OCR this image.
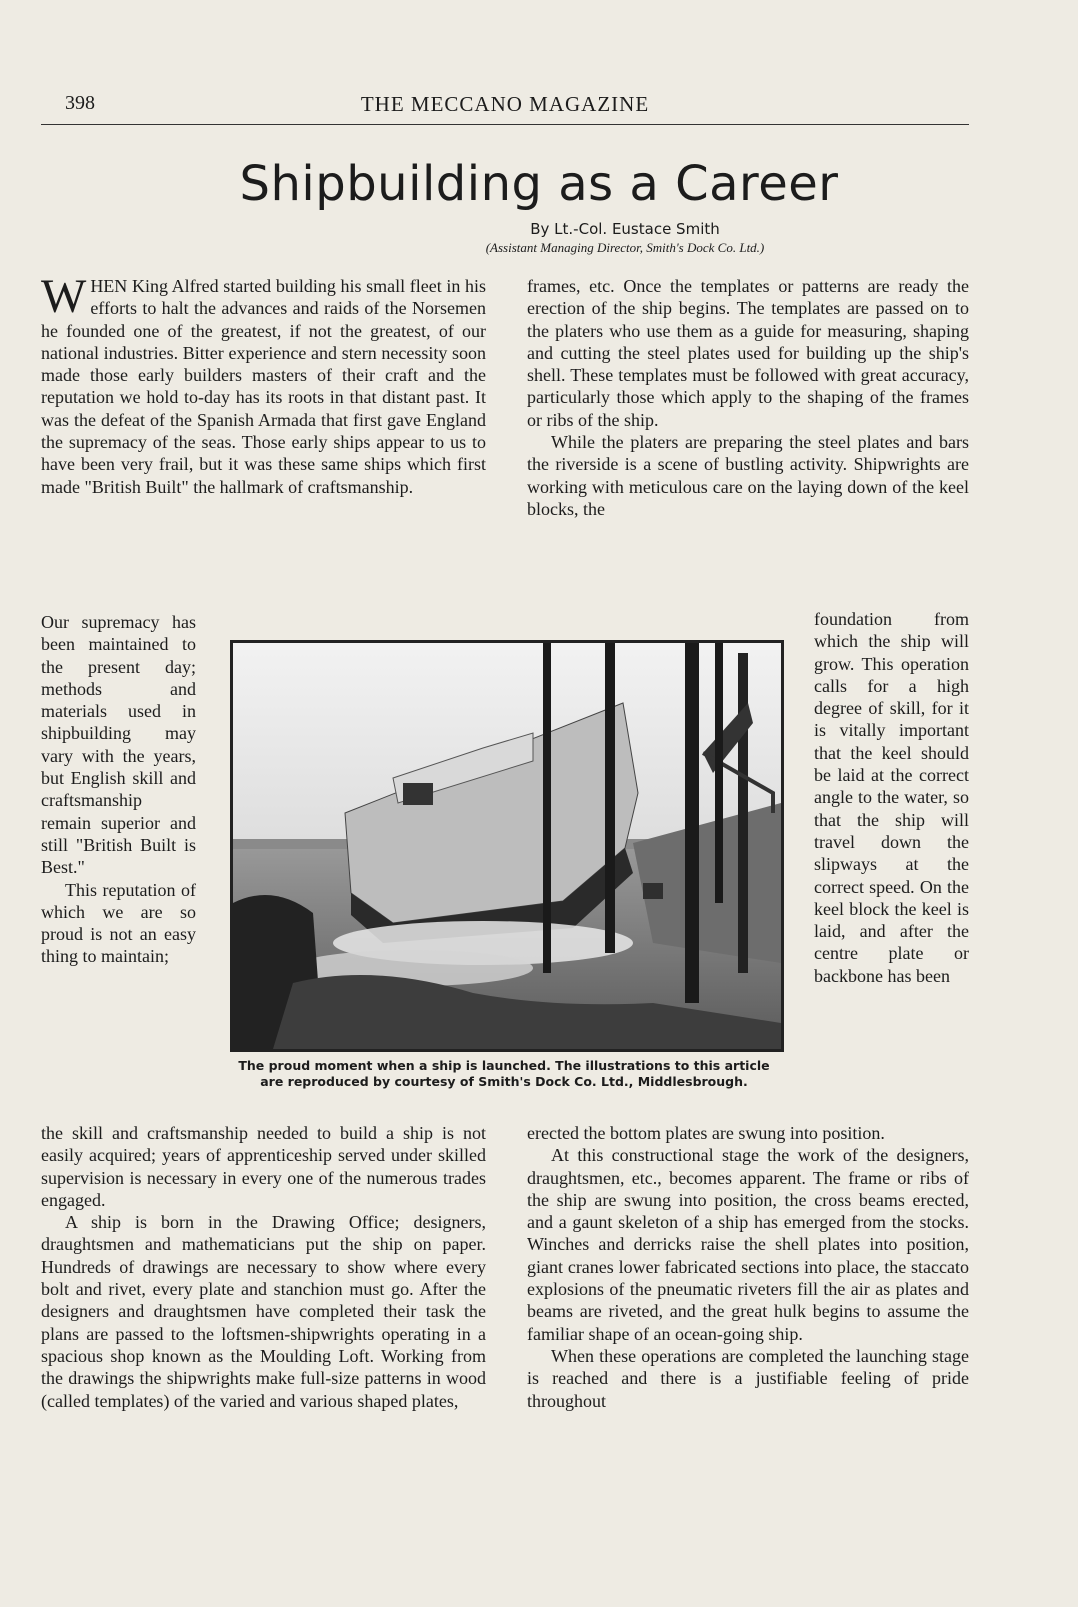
398	THE MECCANO MAGAZINE
Shipbuilding as a Career
By Lt.-Col. Eustace Smith
(Assistant Managing Director, Smith's Dock Co. Ltd.)

WHEN King Alfred started building his small fleet in his efforts to halt the advances and raids of the Norsemen he founded one of the greatest, if not the greatest, of our national industries. Bitter experience and stern necessity soon made those early builders masters of their craft and the reputation we hold to-day has its roots in that distant past. It was the defeat of the Spanish Armada that first gave England the supremacy of the seas. Those early ships appear to us to have been very frail, but it was these same ships which first made "British Built" the hallmark of craftsmanship.

Our supremacy has been maintained to the present day; methods and materials used in shipbuilding may vary with the years, but English skill and craftsmanship remain superior and still "British Built is Best."

This reputation of which we are so proud is not an easy thing to maintain;

the skill and craftsmanship needed to build a ship is not easily acquired; years of apprenticeship served under skilled supervision is necessary in every one of the numerous trades engaged.

A ship is born in the Drawing Office; designers, draughtsmen and mathematicians put the ship on paper. Hundreds of drawings are necessary to show where every bolt and rivet, every plate and stanchion must go. After the designers and draughtsmen have completed their task the plans are passed to the loftsmen-shipwrights operating in a spacious shop known as the Moulding Loft. Working from the drawings the shipwrights make full-size patterns in wood (called templates) of the varied and various shaped plates,

frames, etc. Once the templates or patterns are ready the erection of the ship begins. The templates are passed on to the platers who use them as a guide for measuring, shaping and cutting the steel plates used for building up the ship's shell. These templates must be followed with great accuracy, particularly those which apply to the shaping of the frames or ribs of the ship.

While the platers are preparing the steel plates and bars the riverside is a scene of bustling activity. Shipwrights are working with meticulous care on the laying down of the keel blocks, the

foundation from which the ship will grow. This operation calls for a high degree of skill, for it is vitally important that the keel should be laid at the correct angle to the water, so that the ship will travel down the slipways at the correct speed. On the keel block the keel is laid, and after the centre plate or backbone has been

erected the bottom plates are swung into position.

At this constructional stage the work of the designers, draughtsmen, etc., becomes apparent. The frame or ribs of the ship are swung into position, the cross beams erected, and a gaunt skeleton of a ship has emerged from the stocks. Winches and derricks raise the shell plates into position, giant cranes lower fabricated sections into place, the staccato explosions of the pneumatic riveters fill the air as plates and beams are riveted, and the great hulk begins to assume the familiar shape of an ocean-going ship.

When these operations are completed the launching stage is reached and there is a justifiable feeling of pride throughout

The proud moment when a ship is launched. The illustrations to this article are reproduced by courtesy of Smith's Dock Co. Ltd., Middlesbrough.
